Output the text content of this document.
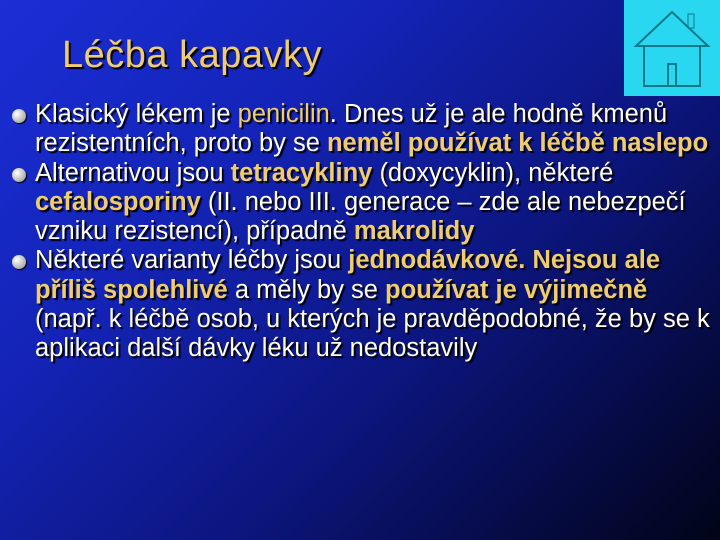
Léčba kapavky
Klasický lékem je penicilin. Dnes už je ale hodně kmenů rezistentních, proto by se neměl používat k léčbě naslepo
Alternativou jsou tetracykliny (doxycyklin), některé cefalosporiny (II. nebo III. generace – zde ale nebezpečí vzniku rezistencí), případně makrolidy
Některé varianty léčby jsou jednodávkové. Nejsou ale příliš spolehlivé a měly by se používat je výjimečně (např. k léčbě osob, u kterých je pravděpodobné, že by se k aplikaci další dávky léku už nedostavily
